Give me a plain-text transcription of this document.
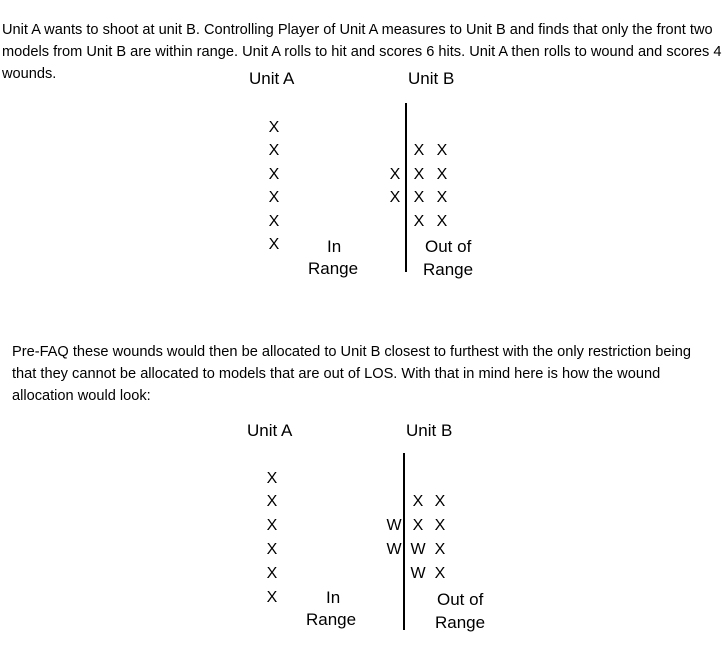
Unit A wants to shoot at unit B. Controlling Player of Unit A measures to Unit B and finds that only the front two models from Unit B are within range. Unit A rolls to hit and scores 6 hits. Unit A then rolls to wound and scores 4 wounds.	Unit A	Unit B
X
X
X
X
X
X	In
Range
X
X
X X
X X
X X
X X
Out of
Range

Pre-FAQ these wounds would then be allocated to Unit B closest to furthest with the only restriction being that they cannot be allocated to models that are out of LOS. With that in mind here is how the wound allocation would look:

Unit A	Unit B
X
X
X
X
X
X	In
Range
W
W
X X
X X
W X
W X
Out of
Range
